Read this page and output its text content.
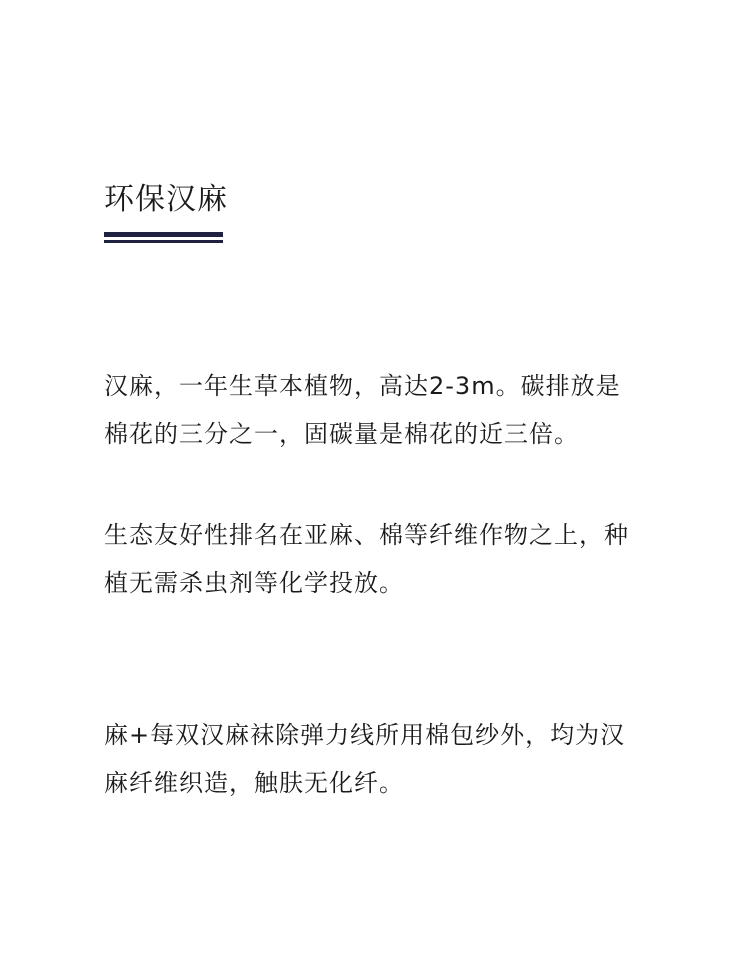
环保汉麻
汉麻，一年生草本植物，高达2-3m。碳排放是
棉花的三分之一，固碳量是棉花的近三倍。
生态友好性排名在亚麻、棉等纤维作物之上，种
植无需杀虫剂等化学投放。
麻+每双汉麻袜除弹力线所用棉包纱外，均为汉
麻纤维织造，触肤无化纤。
